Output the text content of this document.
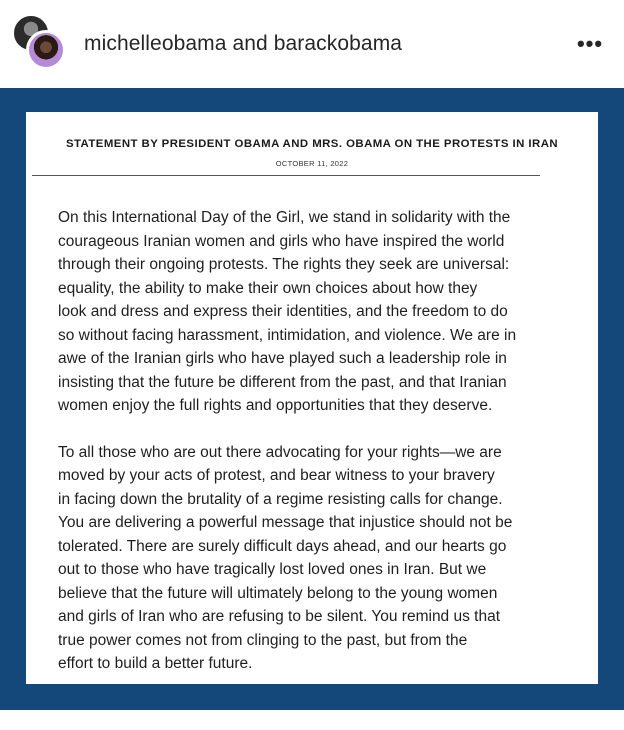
michelleobama and barackobama	•••
STATEMENT BY PRESIDENT OBAMA AND MRS. OBAMA ON THE PROTESTS IN IRAN
OCTOBER 11, 2022
On this International Day of the Girl, we stand in solidarity with the
courageous Iranian women and girls who have inspired the world
through their ongoing protests. The rights they seek are universal:
equality, the ability to make their own choices about how they
look and dress and express their identities, and the freedom to do
so without facing harassment, intimidation, and violence. We are in
awe of the Iranian girls who have played such a leadership role in
insisting that the future be different from the past, and that Iranian
women enjoy the full rights and opportunities that they deserve.
To all those who are out there advocating for your rights—we are
moved by your acts of protest, and bear witness to your bravery
in facing down the brutality of a regime resisting calls for change.
You are delivering a powerful message that injustice should not be
tolerated. There are surely difficult days ahead, and our hearts go
out to those who have tragically lost loved ones in Iran. But we
believe that the future will ultimately belong to the young women
and girls of Iran who are refusing to be silent. You remind us that
true power comes not from clinging to the past, but from the
effort to build a better future.
